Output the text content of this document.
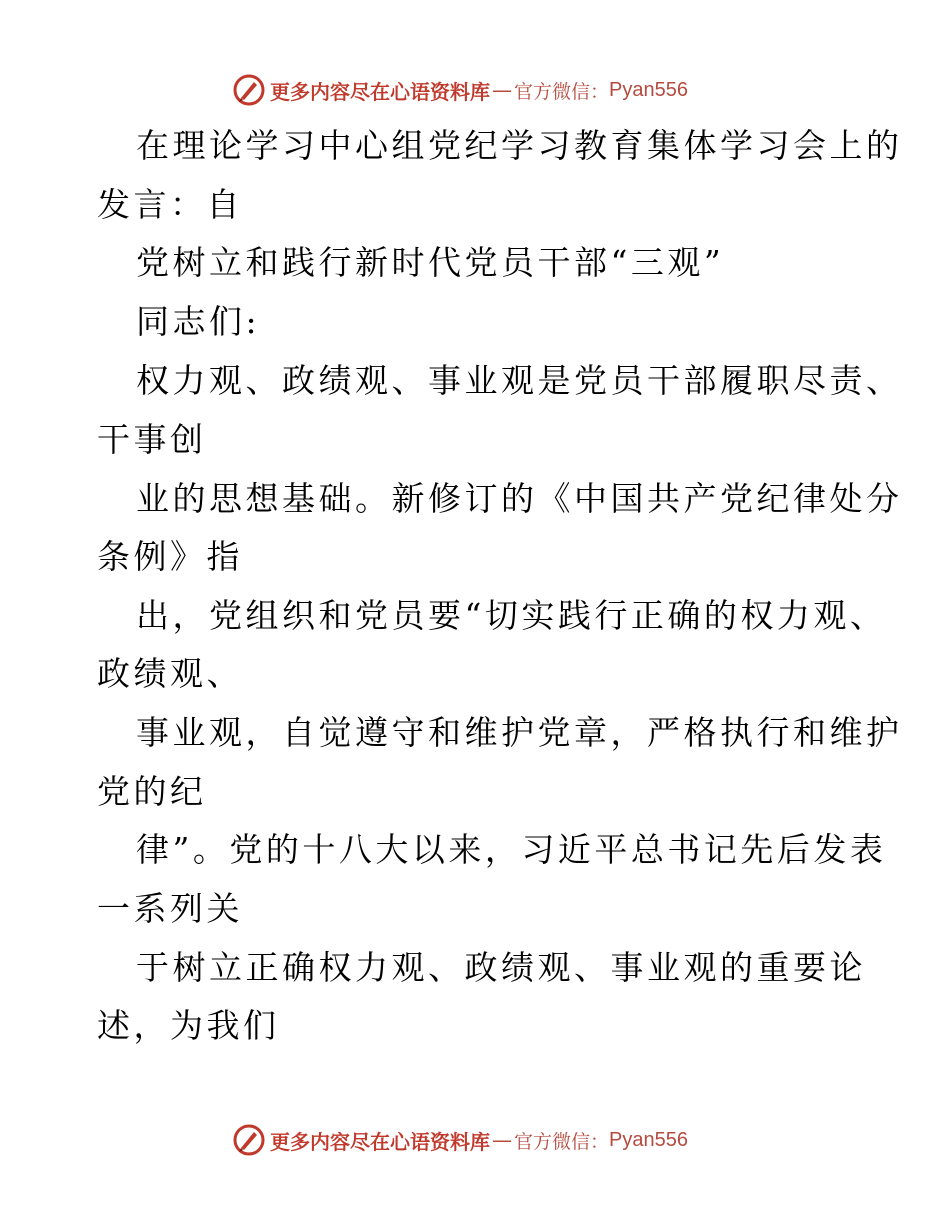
更多内容尽在心语资料库 — 官方微信： Pyan556
在理论学习中心组党纪学习教育集体学习会上的
发言：自
党树立和践行新时代党员干部“三观”
同志们:
权力观、政绩观、事业观是党员干部履职尽责、
干事创
业的思想基础。新修订的《中国共产党纪律处分
条例》指
出，党组织和党员要“切实践行正确的权力观、
政绩观、
事业观，自觉遵守和维护党章，严格执行和维护
党的纪
律”。党的十八大以来，习近平总书记先后发表
一系列关
于树立正确权力观、政绩观、事业观的重要论
述，为我们
更多内容尽在心语资料库 — 官方微信： Pyan556
